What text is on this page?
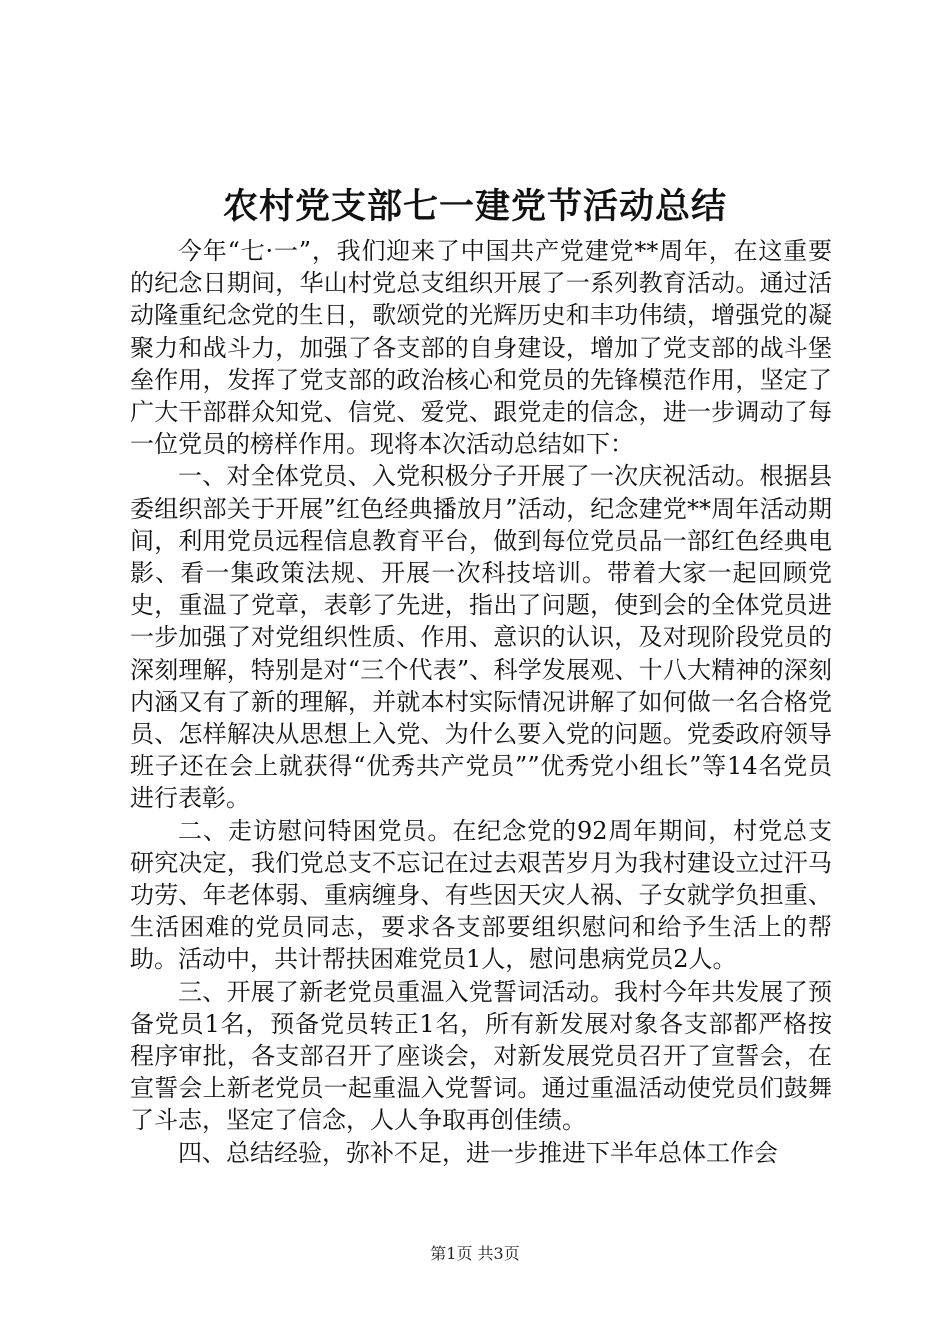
农村党支部七一建党节活动总结

今年“七·一”，我们迎来了中国共产党建党**周年，在这重要的纪念日期间，华山村党总支组织开展了一系列教育活动。通过活动隆重纪念党的生日，歌颂党的光辉历史和丰功伟绩，增强党的凝聚力和战斗力，加强了各支部的自身建设，增加了党支部的战斗堡垒作用，发挥了党支部的政治核心和党员的先锋模范作用，坚定了广大干部群众知党、信党、爱党、跟党走的信念，进一步调动了每一位党员的榜样作用。现将本次活动总结如下：

一、对全体党员、入党积极分子开展了一次庆祝活动。根据县委组织部关于开展”红色经典播放月”活动，纪念建党**周年活动期间，利用党员远程信息教育平台，做到每位党员品一部红色经典电影、看一集政策法规、开展一次科技培训。带着大家一起回顾党史，重温了党章，表彰了先进，指出了问题，使到会的全体党员进一步加强了对党组织性质、作用、意识的认识，及对现阶段党员的深刻理解，特别是对“三个代表”、科学发展观、十八大精神的深刻内涵又有了新的理解，并就本村实际情况讲解了如何做一名合格党员、怎样解决从思想上入党、为什么要入党的问题。党委政府领导班子还在会上就获得“优秀共产党员””优秀党小组长”等14名党员进行表彰。

二、走访慰问特困党员。在纪念党的92周年期间，村党总支研究决定，我们党总支不忘记在过去艰苦岁月为我村建设立过汗马功劳、年老体弱、重病缠身、有些因天灾人祸、子女就学负担重、生活困难的党员同志，要求各支部要组织慰问和给予生活上的帮助。活动中，共计帮扶困难党员1人，慰问患病党员2人。

三、开展了新老党员重温入党誓词活动。我村今年共发展了预备党员1名，预备党员转正1名，所有新发展对象各支部都严格按程序审批，各支部召开了座谈会，对新发展党员召开了宣誓会，在宣誓会上新老党员一起重温入党誓词。通过重温活动使党员们鼓舞了斗志，坚定了信念，人人争取再创佳绩。

四、总结经验，弥补不足，进一步推进下半年总体工作会

第1页 共3页
